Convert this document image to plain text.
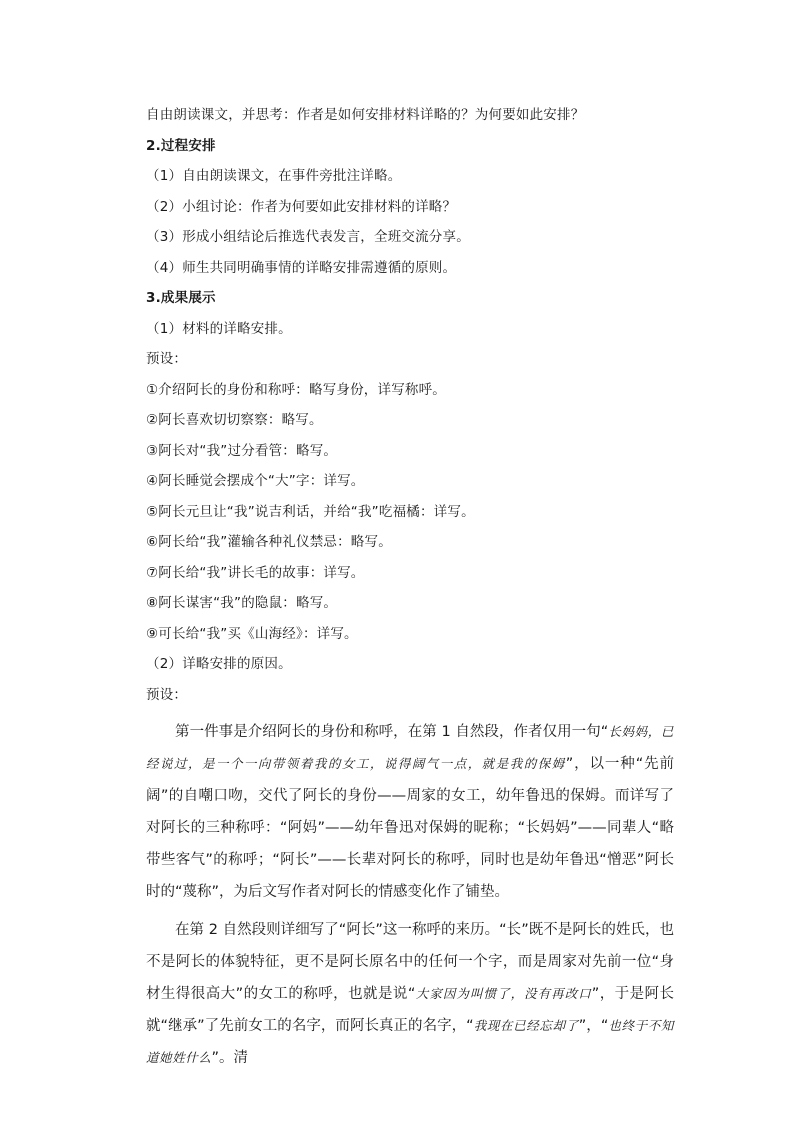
自由朗读课文，并思考：作者是如何安排材料详略的？为何要如此安排？
2.过程安排
（1）自由朗读课文，在事件旁批注详略。
（2）小组讨论：作者为何要如此安排材料的详略？
（3）形成小组结论后推选代表发言，全班交流分享。
（4）师生共同明确事情的详略安排需遵循的原则。
3.成果展示
（1）材料的详略安排。
预设：
①介绍阿长的身份和称呼：略写身份，详写称呼。
②阿长喜欢切切察察：略写。
③阿长对“我”过分看管：略写。
④阿长睡觉会摆成个“大”字：详写。
⑤阿长元旦让“我”说吉利话，并给“我”吃福橘：详写。
⑥阿长给“我”灌输各种礼仪禁忌：略写。
⑦阿长给“我”讲长毛的故事：详写。
⑧阿长谋害“我”的隐鼠：略写。
⑨可长给“我”买《山海经》：详写。
（2）详略安排的原因。
预设：

第一件事是介绍阿长的身份和称呼，在第 1 自然段，作者仅用一句“长妈妈，已经说过，是一个一向带领着我的女工，说得阔气一点，就是我的保姆”，以一种“先前阔”的自嘲口吻，交代了阿长的身份——周家的女工，幼年鲁迅的保姆。而详写了对阿长的三种称呼：“阿妈”——幼年鲁迅对保姆的昵称；“长妈妈”——同辈人“略带些客气”的称呼；“阿长”——长辈对阿长的称呼，同时也是幼年鲁迅“憎恶”阿长时的“蔑称”，为后文写作者对阿长的情感变化作了铺垫。

在第 2 自然段则详细写了“阿长”这一称呼的来历。“长”既不是阿长的姓氏，也不是阿长的体貌特征，更不是阿长原名中的任何一个字，而是周家对先前一位“身材生得很高大”的女工的称呼，也就是说“大家因为叫惯了，没有再改口”，于是阿长就“继承”了先前女工的名字，而阿长真正的名字，“我现在已经忘却了”，“也终于不知道她姓什么”。清
